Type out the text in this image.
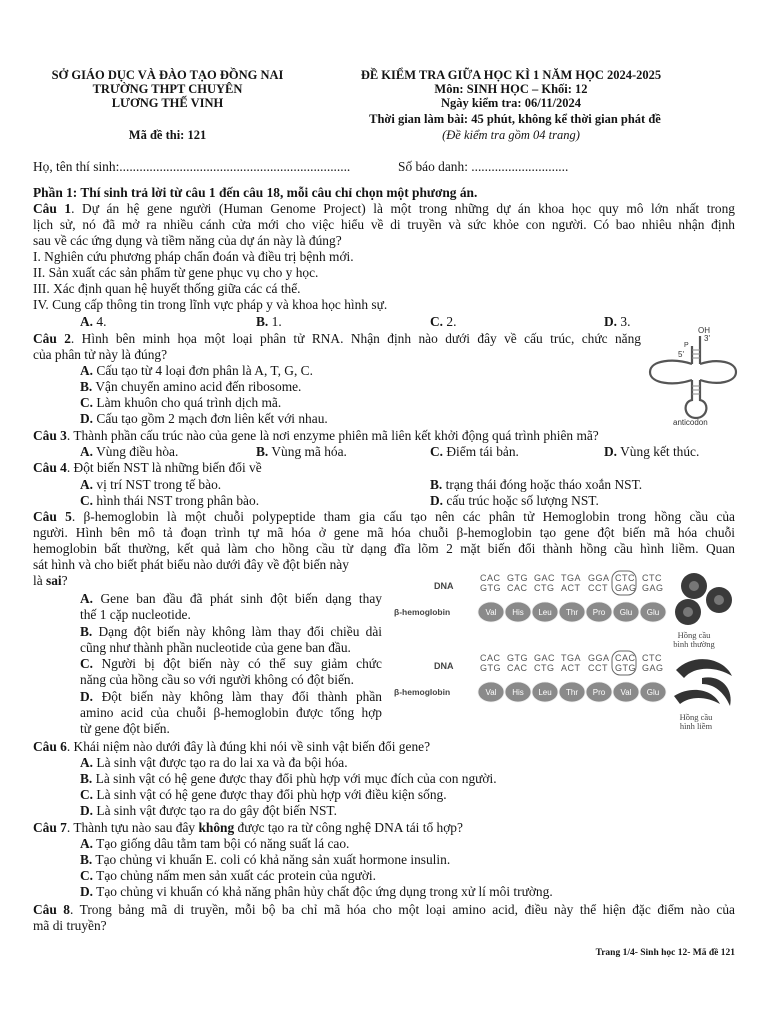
SỞ GIÁO DỤC VÀ ĐÀO TẠO ĐỒNG NAI
TRƯỜNG THPT CHUYÊN
LƯƠNG THẾ VINH
Mã đề thi: 121
ĐỀ KIỂM TRA GIỮA HỌC KÌ 1 NĂM HỌC 2024-2025
Môn: SINH HỌC – Khối: 12
Ngày kiểm tra: 06/11/2024
Thời gian làm bài: 45 phút, không kể thời gian phát đề
(Đề kiểm tra gồm 04 trang)
Họ, tên thí sinh:.....................................................................	Số báo danh: .............................
Phần 1: Thí sinh trả lời từ câu 1 đến câu 18, mỗi câu chỉ chọn một phương án.
Câu 1. Dự án hệ gene người (Human Genome Project) là một trong những dự án khoa học quy mô lớn nhất trong
lịch sử, nó đã mở ra nhiều cánh cửa mới cho việc hiểu về di truyền và sức khỏe con người. Có bao nhiêu nhận định
sau về các ứng dụng và tiềm năng của dự án này là đúng?
I. Nghiên cứu phương pháp chẩn đoán và điều trị bệnh mới.
II. Sản xuất các sản phẩm từ gene phục vụ cho y học.
III. Xác định quan hệ huyết thống giữa các cá thể.
IV. Cung cấp thông tin trong lĩnh vực pháp y và khoa học hình sự.
A. 4.	B. 1.	C. 2.	D. 3.
Câu 2. Hình bên minh họa một loại phân tử RNA. Nhận định nào dưới đây về cấu trúc, chức năng
của phân tử này là đúng?
A. Cấu tạo từ 4 loại đơn phân là A, T, G, C.
B. Vận chuyển amino acid đến ribosome.
C. Làm khuôn cho quá trình dịch mã.
D. Cấu tạo gồm 2 mạch đơn liên kết với nhau.
OH
P
3'
5'
anticodon
Câu 3. Thành phần cấu trúc nào của gene là nơi enzyme phiên mã liên kết khởi động quá trình phiên mã?
A. Vùng điều hòa.	B. Vùng mã hóa.	C. Điểm tái bản.	D. Vùng kết thúc.
Câu 4. Đột biến NST là những biến đổi về
A. vị trí NST trong tế bào.	B. trạng thái đóng hoặc tháo xoắn NST.
C. hình thái NST trong phân bào.	D. cấu trúc hoặc số lượng NST.
Câu 5. β-hemoglobin là một chuỗi polypeptide tham gia cấu tạo nên các phân tử Hemoglobin trong hồng cầu của
người. Hình bên mô tả đoạn trình tự mã hóa ở gene mã hóa chuỗi β-hemoglobin tạo gene đột biến mã hóa chuỗi
hemoglobin bất thường, kết quả làm cho hồng cầu từ dạng đĩa lõm 2 mặt biến đổi thành hồng cầu hình liềm. Quan
sát hình và cho biết phát biểu nào dưới đây về đột biến này
là sai?
A. Gene ban đầu đã phát sinh đột biến dạng thay
thế 1 cặp nucleotide.
B. Dạng đột biến này không làm thay đổi chiều dài
cũng như thành phần nucleotide của gene ban đầu.
C. Người bị đột biến này có thể suy giảm chức
năng của hồng cầu so với người không có đột biến.
D. Đột biến này không làm thay đổi thành phần
amino acid của chuỗi β-hemoglobin được tổng hợp
từ gene đột biến.
DNA
CAC GTG GAC TGA GGA CTC CTC
GTG CAC CTG ACT CCT GAG GAG
β-hemoglobin	Val His Leu Thr Pro Glu Glu
DNA
CAC GTG GAC TGA GGA CAC CTC
GTG CAC CTG ACT CCT GTG GAG
β-hemoglobin	Val His Leu Thr Pro Val Glu
Hồng cầu
bình thường
Hồng cầu
hình liềm
Câu 6. Khái niệm nào dưới đây là đúng khi nói về sinh vật biến đổi gene?
A. Là sinh vật được tạo ra do lai xa và đa bội hóa.
B. Là sinh vật có hệ gene được thay đổi phù hợp với mục đích của con người.
C. Là sinh vật có hệ gene được thay đổi phù hợp với điều kiện sống.
D. Là sinh vật được tạo ra do gây đột biến NST.
Câu 7. Thành tựu nào sau đây không được tạo ra từ công nghệ DNA tái tổ hợp?
A. Tạo giống dâu tằm tam bội có năng suất lá cao.
B. Tạo chủng vi khuẩn E. coli có khả năng sản xuất hormone insulin.
C. Tạo chủng nấm men sản xuất các protein của người.
D. Tạo chủng vi khuẩn có khả năng phân hủy chất độc ứng dụng trong xử lí môi trường.
Câu 8. Trong bảng mã di truyền, mỗi bộ ba chỉ mã hóa cho một loại amino acid, điều này thể hiện đặc điểm nào của
mã di truyền?
Trang 1/4- Sinh học 12- Mã đề 121
